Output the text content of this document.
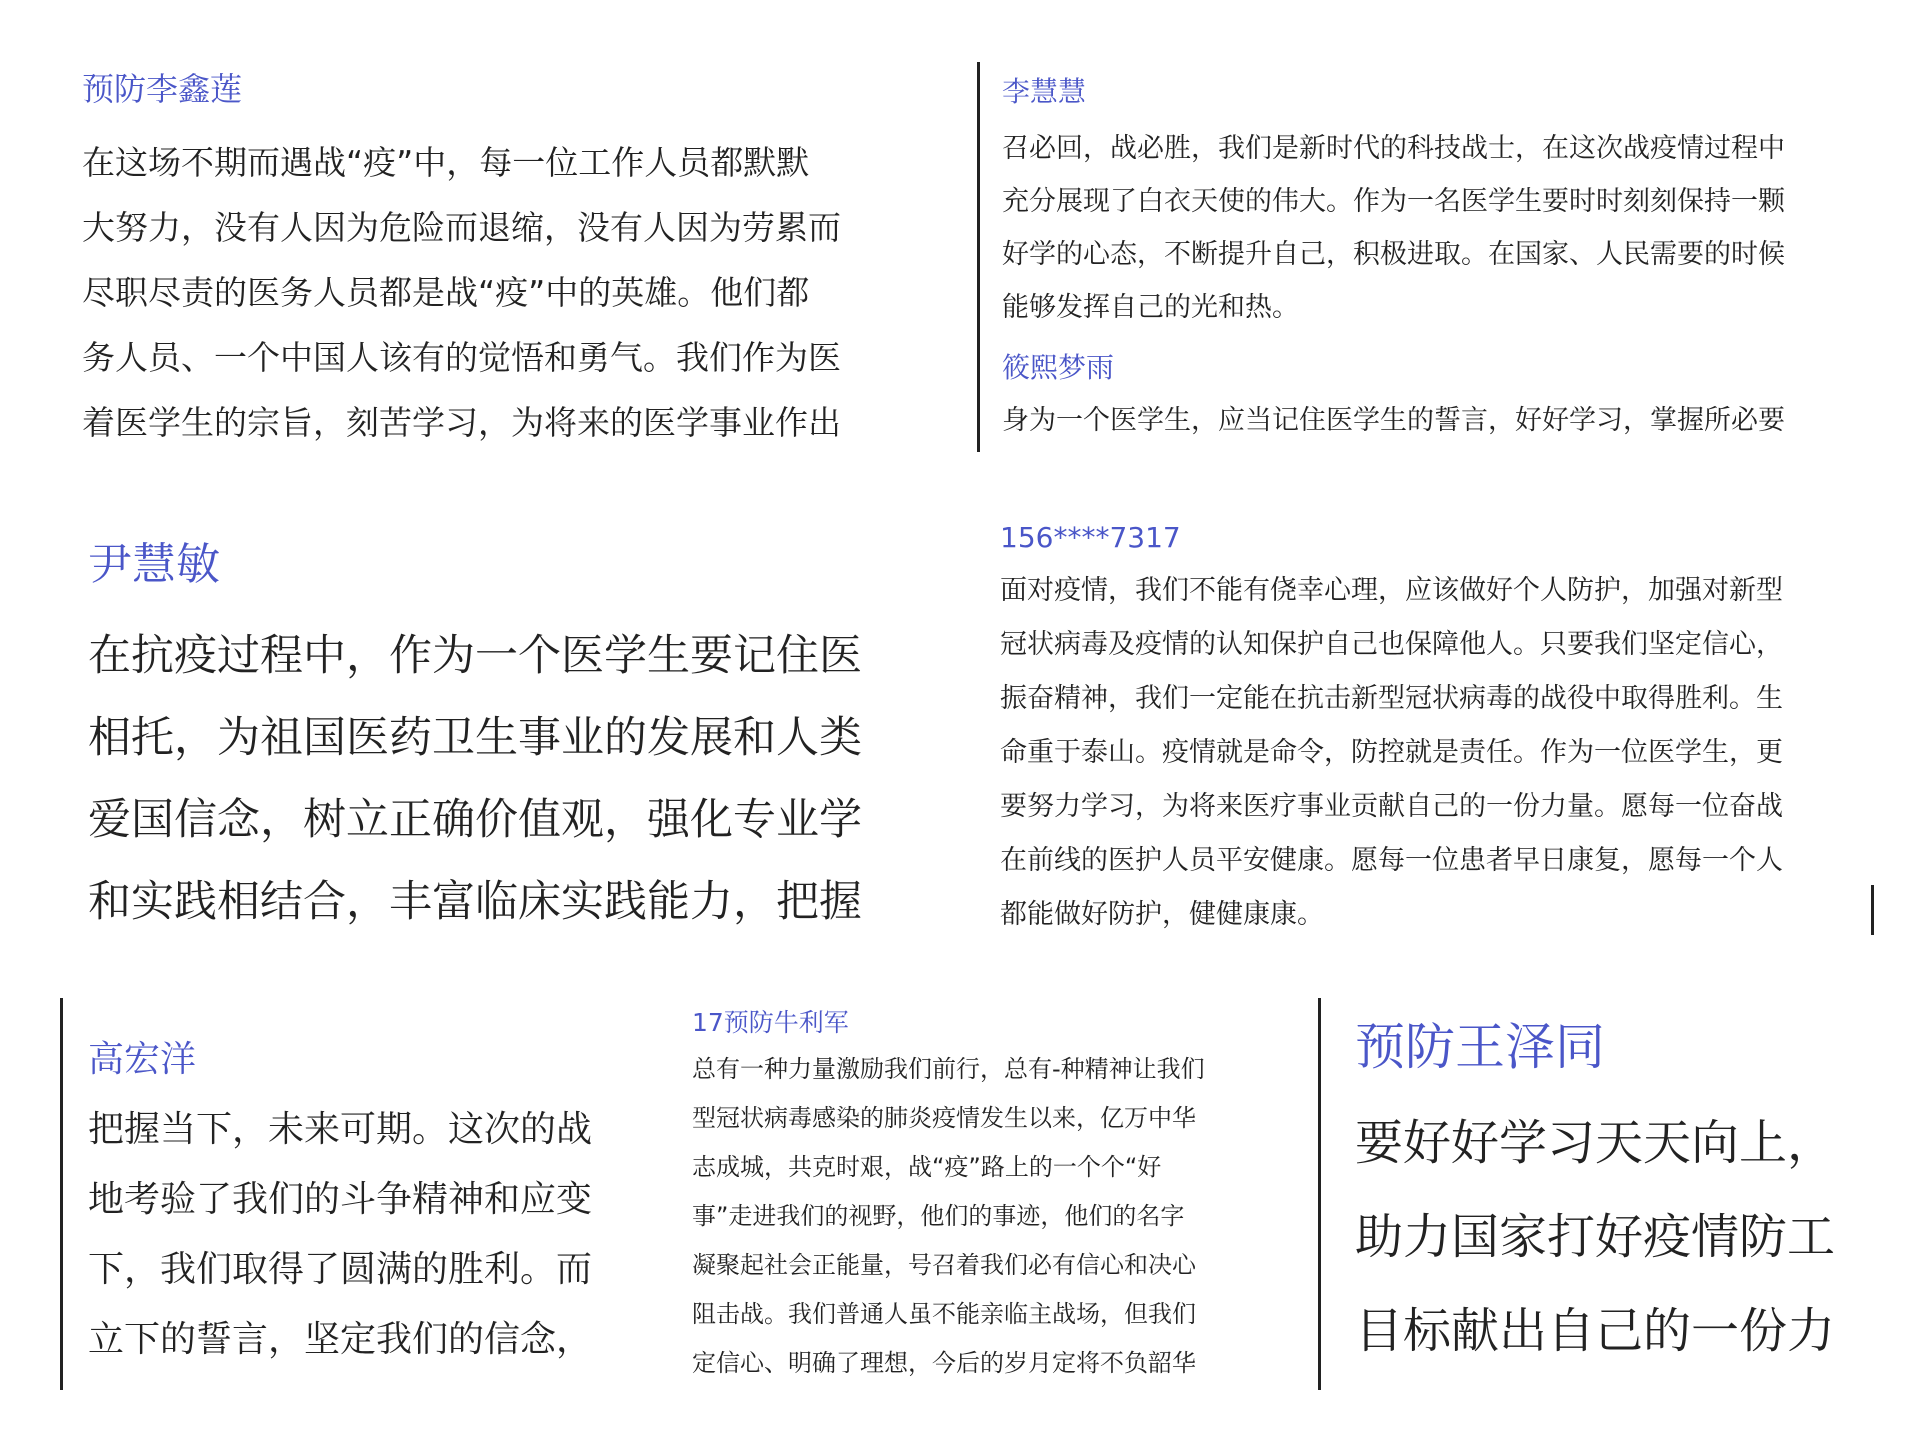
预防李鑫莲

在这场不期而遇战“疫”中，每一位工作人员都默默

大努力，没有人因为危险而退缩，没有人因为劳累而

尽职尽责的医务人员都是战“疫”中的英雄。他们都

务人员、一个中国人该有的觉悟和勇气。我们作为医

着医学生的宗旨，刻苦学习，为将来的医学事业作出

李慧慧

召必回，战必胜，我们是新时代的科技战士，在这次战疫情过程中

充分展现了白衣天使的伟大。作为一名医学生要时时刻刻保持一颗

好学的心态，不断提升自己，积极进取。在国家、人民需要的时候

能够发挥自己的光和热。

筱熙梦雨

身为一个医学生，应当记住医学生的誓言，好好学习，掌握所必要

尹慧敏

在抗疫过程中，作为一个医学生要记住医

相托，为祖国医药卫生事业的发展和人类

爱国信念，树立正确价值观，强化专业学

和实践相结合，丰富临床实践能力，把握

156****7317

面对疫情，我们不能有侥幸心理，应该做好个人防护，加强对新型

冠状病毒及疫情的认知保护自己也保障他人。只要我们坚定信心，

振奋精神，我们一定能在抗击新型冠状病毒的战役中取得胜利。生

命重于泰山。疫情就是命令，防控就是责任。作为一位医学生，更

要努力学习，为将来医疗事业贡献自己的一份力量。愿每一位奋战

在前线的医护人员平安健康。愿每一位患者早日康复，愿每一个人

都能做好防护，健健康康。

高宏洋

把握当下，未来可期。这次的战

地考验了我们的斗争精神和应变

下，我们取得了圆满的胜利。而

立下的誓言，坚定我们的信念，

17预防牛利军

总有一种力量激励我们前行，总有-种精神让我们

型冠状病毒感染的肺炎疫情发生以来，亿万中华

志成城，共克时艰，战“疫”路上的一个个“好

事”走进我们的视野，他们的事迹，他们的名字

凝聚起社会正能量，号召着我们必有信心和决心

阻击战。我们普通人虽不能亲临主战场，但我们

定信心、明确了理想，今后的岁月定将不负韶华

预防王泽同

要好好学习天天向上，

助力国家打好疫情防工

目标献出自己的一份力
